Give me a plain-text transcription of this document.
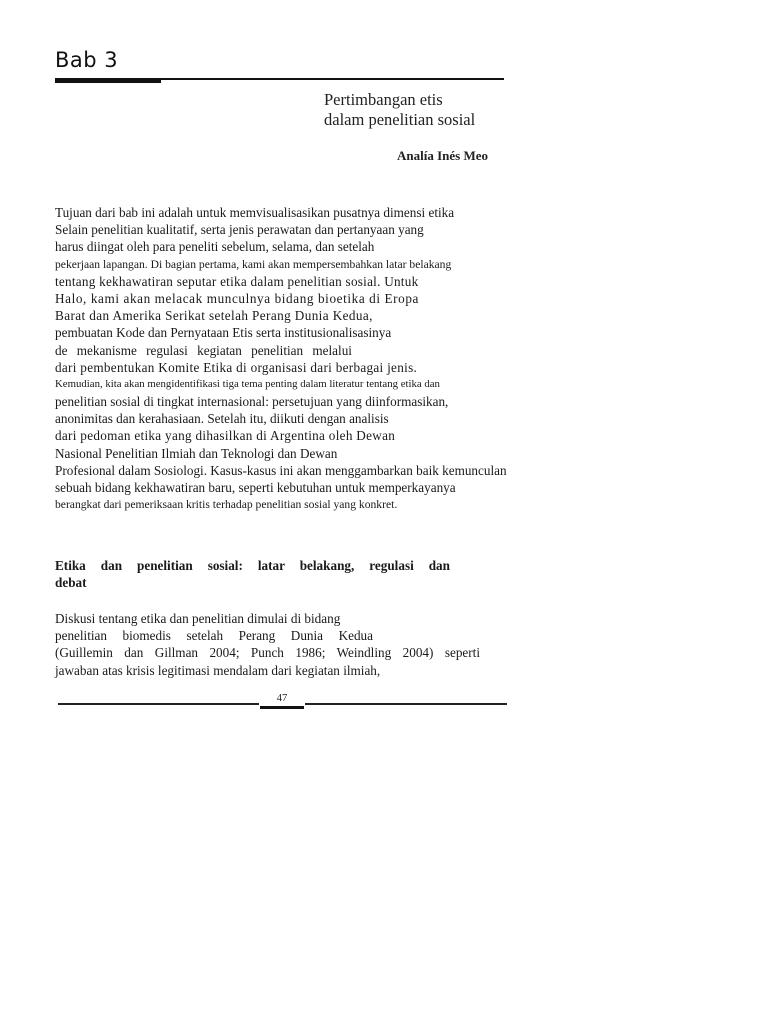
Bab 3
Pertimbangan etis
dalam penelitian sosial
Analía Inés Meo
Tujuan dari bab ini adalah untuk memvisualisasikan pusatnya dimensi etika
Selain penelitian kualitatif, serta jenis perawatan dan pertanyaan yang
harus diingat oleh para peneliti sebelum, selama, dan setelah
pekerjaan lapangan. Di bagian pertama, kami akan mempersembahkan latar belakang
tentang kekhawatiran seputar etika dalam penelitian sosial. Untuk
Halo, kami akan melacak munculnya bidang bioetika di Eropa
Barat dan Amerika Serikat setelah Perang Dunia Kedua,
pembuatan Kode dan Pernyataan Etis serta institusionalisasinya
de mekanisme regulasi kegiatan penelitian melalui
dari pembentukan Komite Etika di organisasi dari berbagai jenis.
Kemudian, kita akan mengidentifikasi tiga tema penting dalam literatur tentang etika dan
penelitian sosial di tingkat internasional: persetujuan yang diinformasikan,
anonimitas dan kerahasiaan. Setelah itu, diikuti dengan analisis
dari pedoman etika yang dihasilkan di Argentina oleh Dewan
Nasional Penelitian Ilmiah dan Teknologi dan Dewan
Profesional dalam Sosiologi. Kasus-kasus ini akan menggambarkan baik kemunculan
sebuah bidang kekhawatiran baru, seperti kebutuhan untuk memperkayanya
berangkat dari pemeriksaan kritis terhadap penelitian sosial yang konkret.
Etika dan penelitian sosial: latar belakang, regulasi dan
debat
Diskusi tentang etika dan penelitian dimulai di bidang
penelitian biomedis setelah Perang Dunia Kedua
(Guillemin dan Gillman 2004; Punch 1986; Weindling 2004) seperti
jawaban atas krisis legitimasi mendalam dari kegiatan ilmiah,
47
